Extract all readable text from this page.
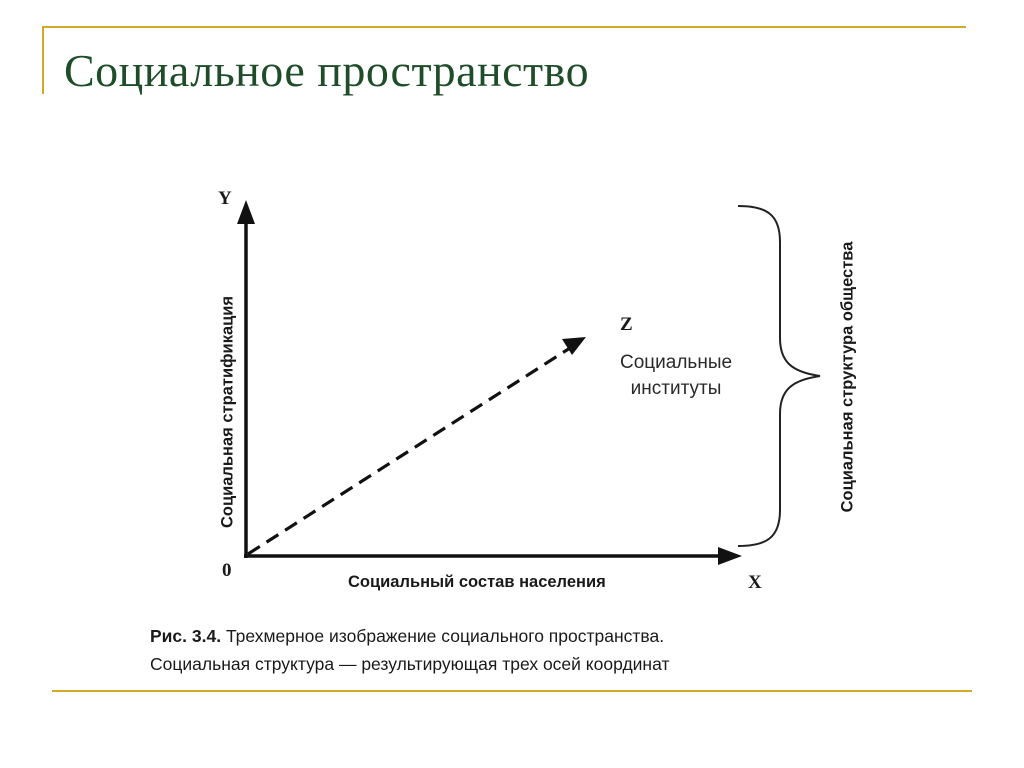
Социальное пространство
Y
Z
X
0
Социальная стратификация
Социальный состав населения
Социальные
институты	Социальная структура общества
Рис. 3.4. Трехмерное изображение социального пространства.
Социальная структура — результирующая трех осей координат
